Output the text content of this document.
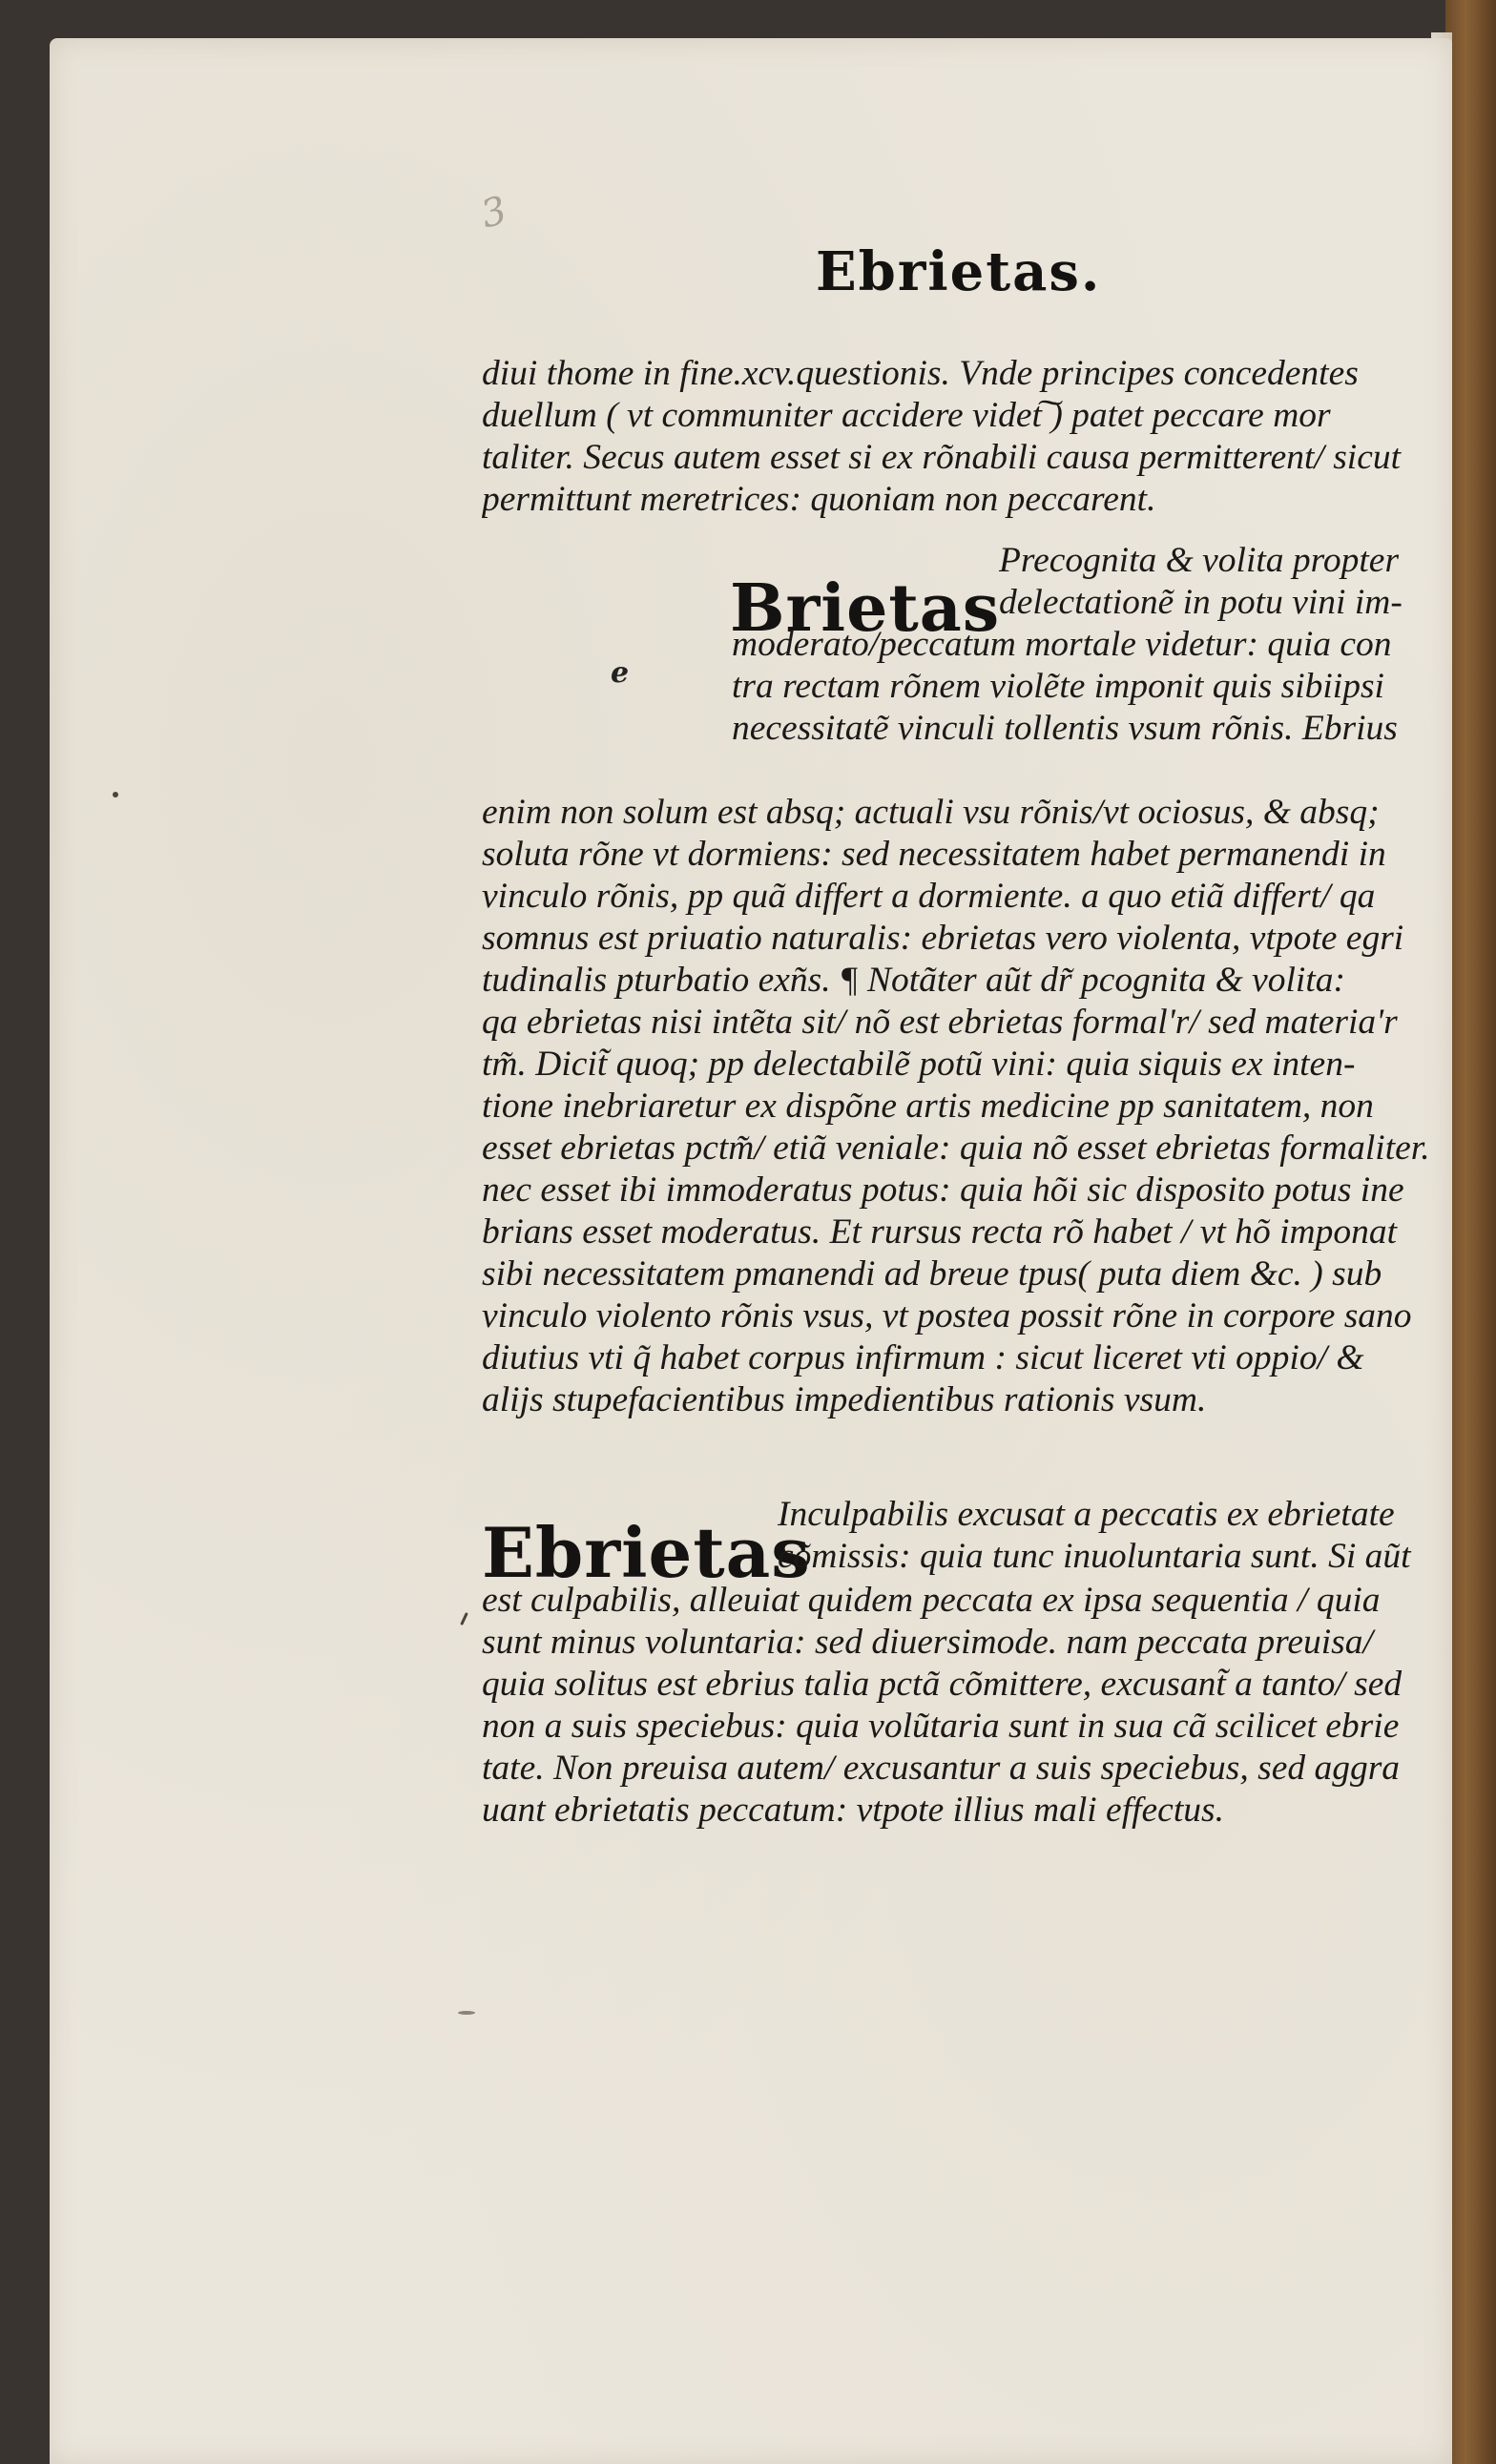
3
Ebrietas.
diui thome in fine.xcv.questionis. Vnde principes concedentes
duellum ( vt communiter accidere videt͠ ) patet peccare mor
taliter. Secus autem esset si ex rõnabili causa permitterent/ sicut
permittunt meretrices: quoniam non peccarent.
Brietas
e
Precognita & volita propter
delectationẽ in potu vini im-
moderato/peccatum mortale videtur: quia con
tra rectam rõnem violẽte imponit quis sibiipsi
necessitatẽ vinculi tollentis vsum rõnis. Ebrius
enim non solum est absq; actuali vsu rõnis/vt ociosus, & absq;
soluta rõne vt dormiens: sed necessitatem habet permanendi in
vinculo rõnis, pp quã differt a dormiente. a quo etiã differt/ qa
somnus est priuatio naturalis: ebrietas vero violenta, vtpote egri
tudinalis pturbatio exñs. ¶ Notãter aũt dr̃ pcognita & volita:
qa ebrietas nisi intẽta sit/ nõ est ebrietas formal'r/ sed materia'r
tm̃. Dicit̃ quoq; pp delectabilẽ potũ vini: quia siquis ex inten-
tione inebriaretur ex dispõne artis medicine pp sanitatem, non
esset ebrietas pctm̃/ etiã veniale: quia nõ esset ebrietas formaliter.
nec esset ibi immoderatus potus: quia hõi sic disposito potus ine
brians esset moderatus. Et rursus recta rõ habet / vt hõ imponat
sibi necessitatem pmanendi ad breue tpus( puta diem &c. ) sub
vinculo violento rõnis vsus, vt postea possit rõne in corpore sano
diutius vti q̃ habet corpus infirmum : sicut liceret vti oppio/ &
alijs stupefacientibus impedientibus rationis vsum.
Ebrietas
Inculpabilis excusat a peccatis ex ebrietate
cõmissis: quia tunc inuoluntaria sunt. Si aũt
est culpabilis, alleuiat quidem peccata ex ipsa sequentia / quia
sunt minus voluntaria: sed diuersimode. nam peccata preuisa/
quia solitus est ebrius talia pctã cõmittere, excusant̃ a tanto/ sed
non a suis speciebus: quia volũtaria sunt in sua cã scilicet ebrie
tate. Non preuisa autem/ excusantur a suis speciebus, sed aggra
uant ebrietatis peccatum: vtpote illius mali effectus.
